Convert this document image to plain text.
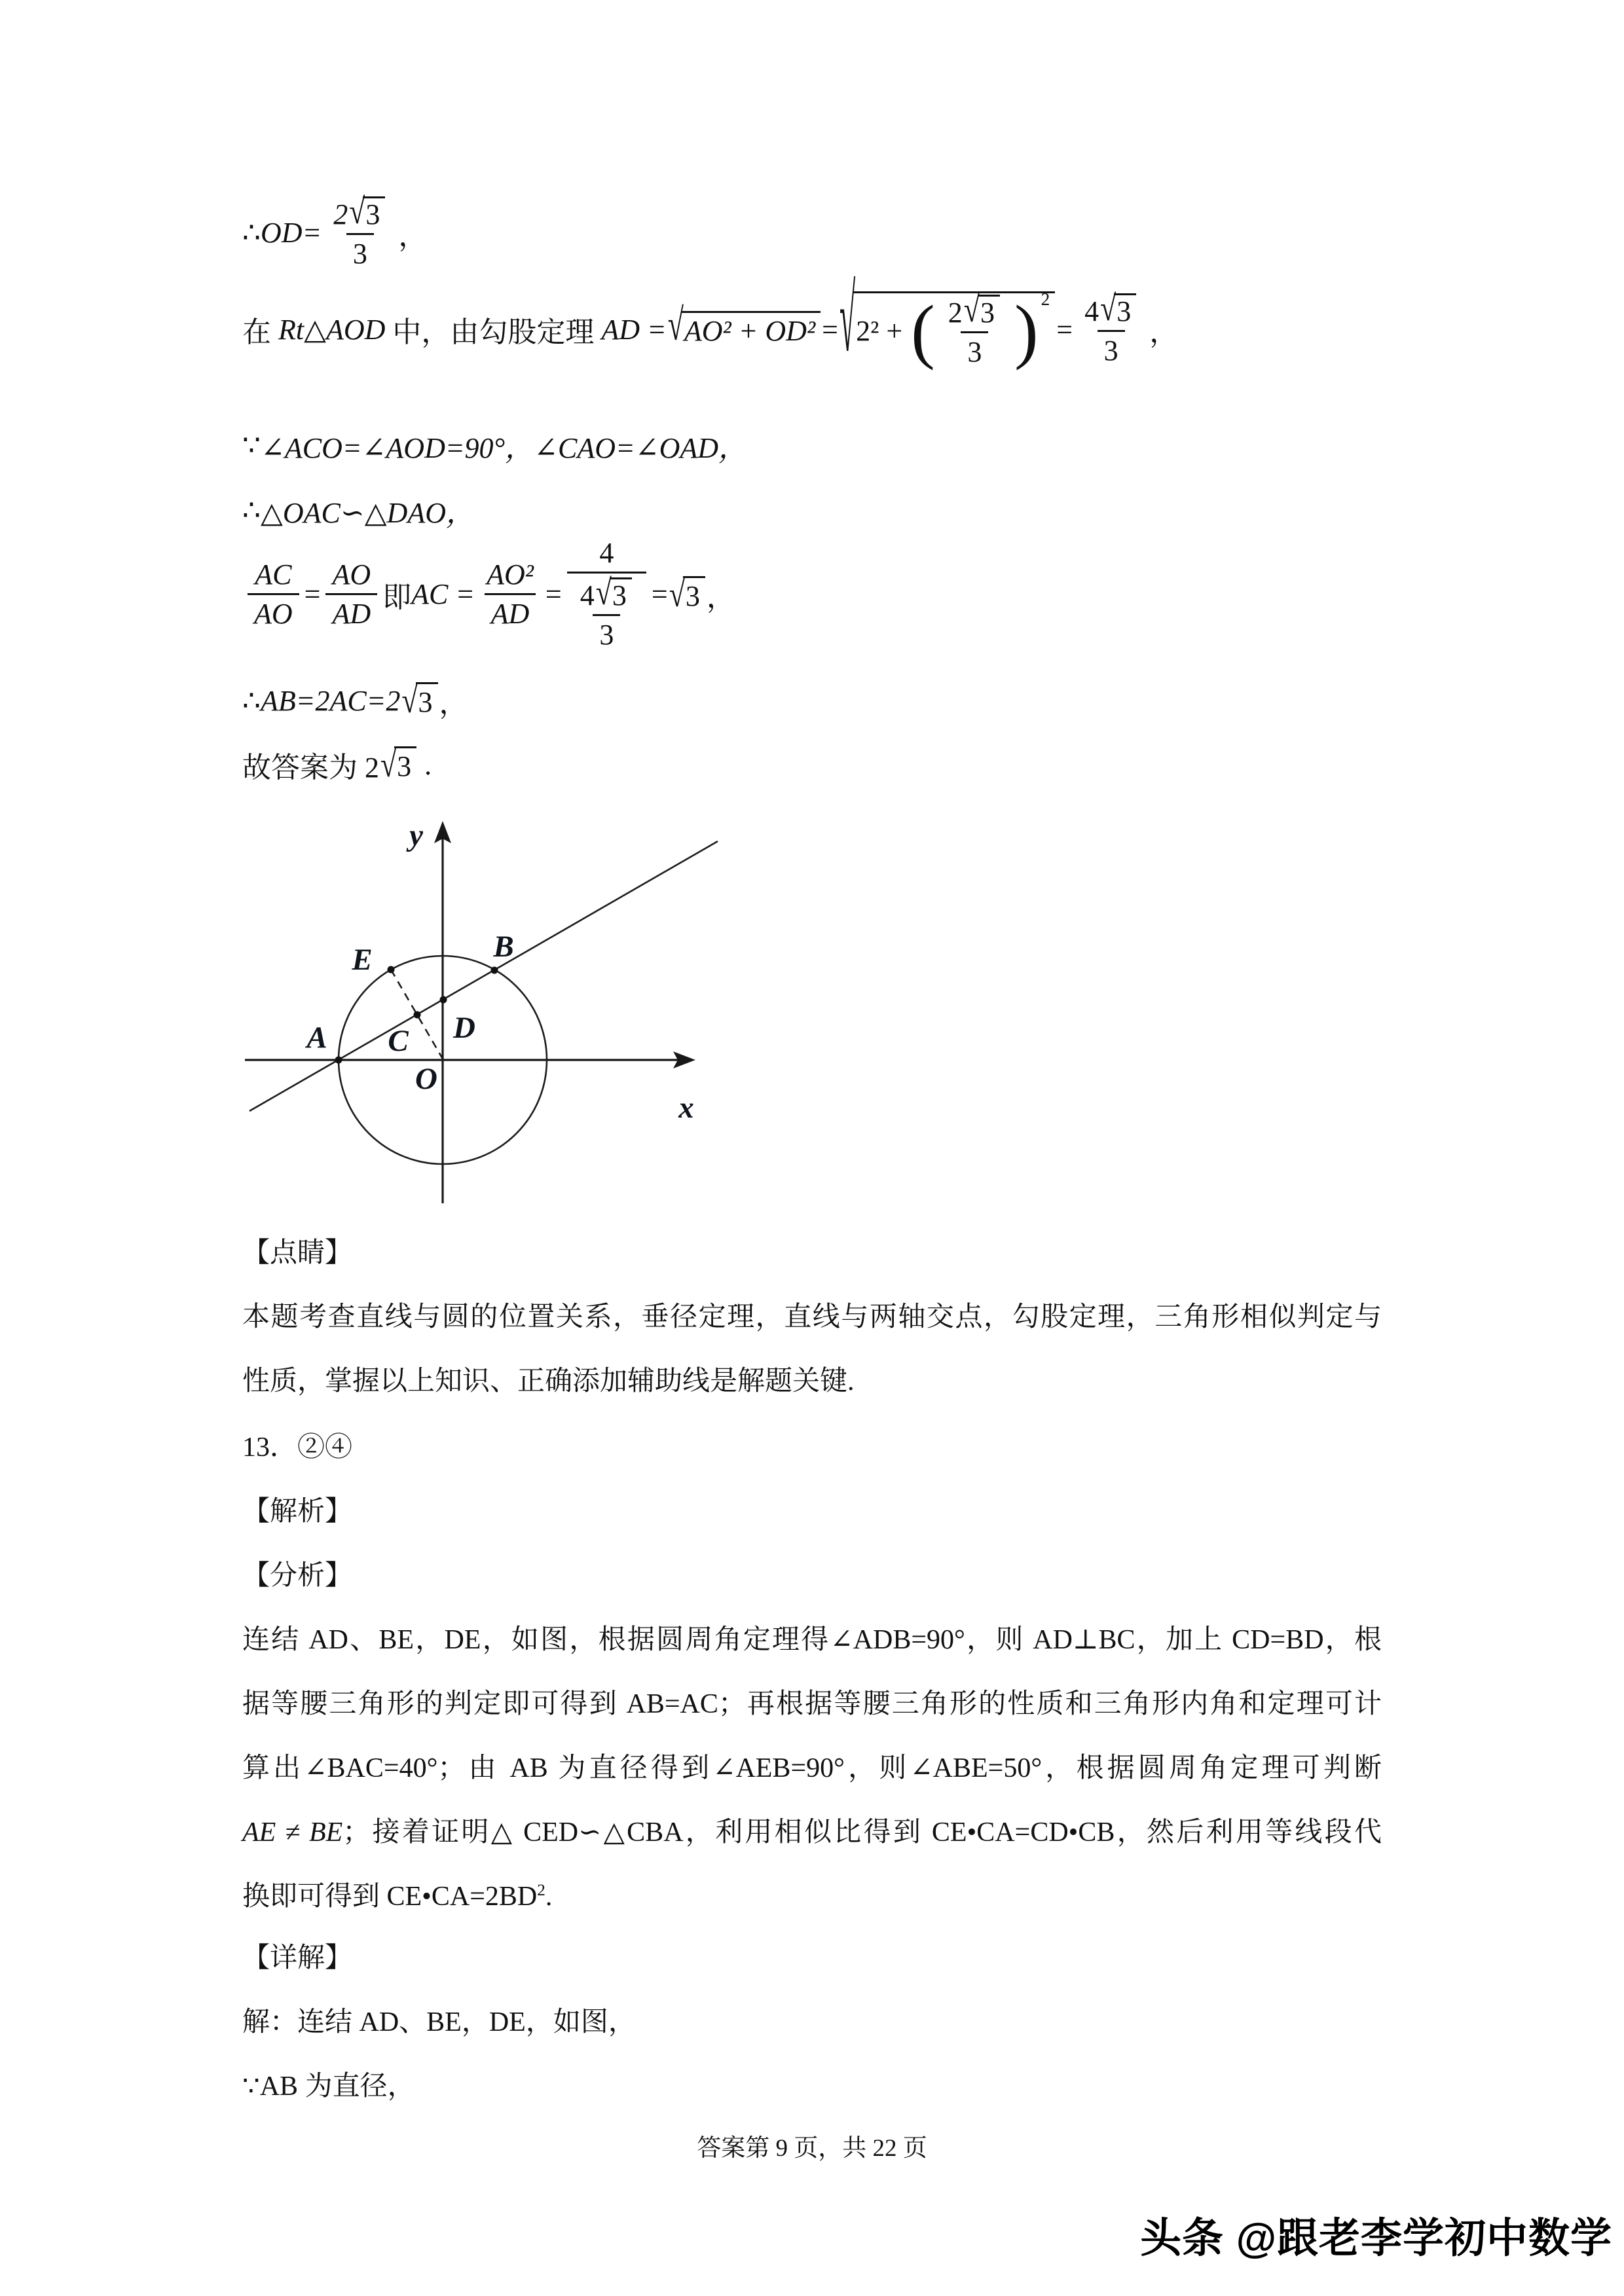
∴ $OD= \frac{2 √ 3}{3}$ ，
在 Rt△AOD 中，由勾股定理 AD = √ AO² + OD² = √ 2² + ( $\frac{2 √ 3}{3}$ ) 2
= $\frac{4 √ 3}{3}$ ，
∵ ∠ACO=∠AOD=90°，∠CAO=∠OAD，
∴ △OAC∽△DAO，
$\frac{AC}{AO} = \frac{AO}{AD}$ 即 AC = $\frac{\text{AO²}}{AD} = \frac{4}{\frac{4 √ 3}{3}}$ = √ 3 ，
∴ AB=2AC=2 √ 3 ，
故答案为 2 √ 3 .
y
x
O
A
B
C D
E
【点睛】
本题考查直线与圆的位置关系，垂径定理，直线与两轴交点，勾股定理，三角形相似判定与
性质，掌握以上知识、正确添加辅助线是解题关键.
13．②④
【解析】
【分析】
连结 AD、BE，DE，如图，根据圆周角定理得∠ADB=90°，则 AD⊥BC，加上 CD=BD，根
据等腰三角形的判定即可得到 AB=AC；再根据等腰三角形的性质和三角形内角和定理可计
算出∠BAC=40°；由 AB 为直径得到∠AEB=90°，则∠ABE=50°，根据圆周角定理可判断
AE ≠ BE；接着证明△ CED∽△CBA，利用相似比得到 CE•CA=CD•CB，然后利用等线段代
换即可得到 $CE•CA=2BD^2$.
【详解】
解：连结 AD、BE，DE，如图，
∵AB 为直径，
答案第 9 页，共 22 页
头条 @跟老李学初中数学
